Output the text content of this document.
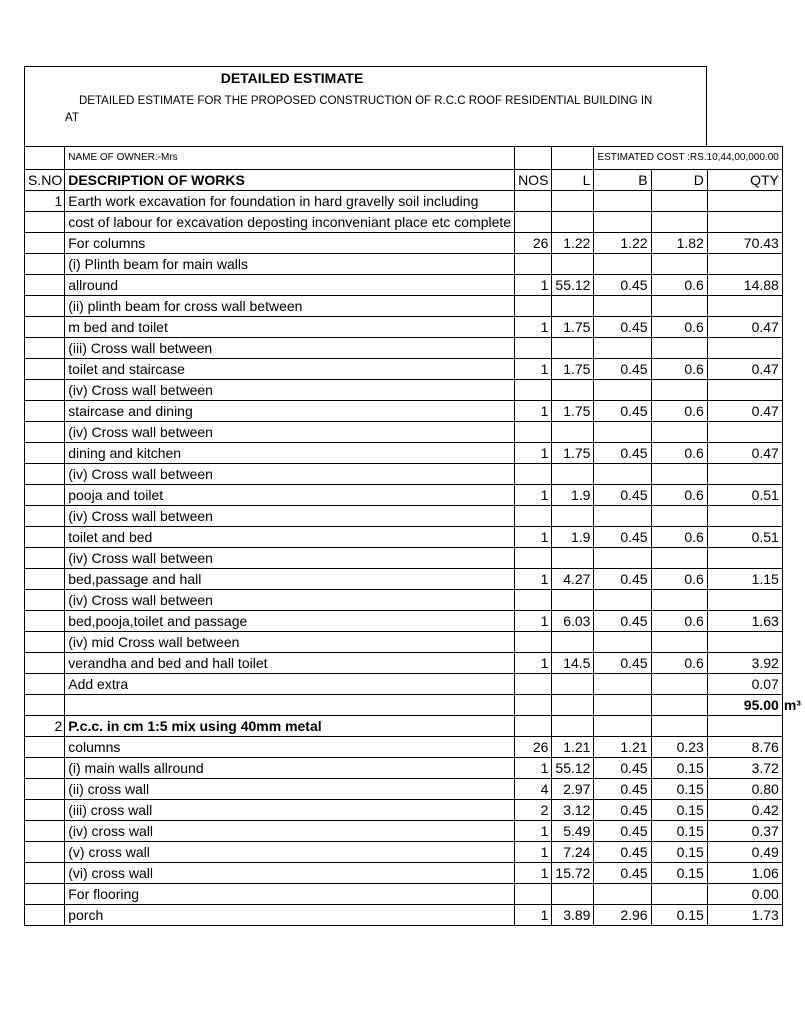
DETAILED ESTIMATE
DETAILED ESTIMATE FOR THE PROPOSED CONSTRUCTION OF R.C.C ROOF RESIDENTIAL BUILDING IN
AT
	NAME OF OWNER:-Mrs			ESTIMATED COST :RS.10,44,00,000.00			
S.NO	DESCRIPTION OF WORKS	NOS	L	B	D	QTY	
1	Earth work excavation for foundation in hard gravelly soil including						
	cost of labour for excavation deposting inconveniant place etc complete						
	For columns	26	1.22	1.22	1.82	70.43	
	(i) Plinth beam for main walls						
	allround	1	55.12	0.45	0.6	14.88	
	(ii) plinth beam for cross wall between						
	m bed and toilet	1	1.75	0.45	0.6	0.47	
	(iii) Cross wall between						
	toilet and staircase	1	1.75	0.45	0.6	0.47	
	(iv) Cross wall between						
	staircase and dining	1	1.75	0.45	0.6	0.47	
	(iv) Cross wall between						
	dining and kitchen	1	1.75	0.45	0.6	0.47	
	(iv) Cross wall between						
	pooja and toilet	1	1.9	0.45	0.6	0.51	
	(iv) Cross wall between						
	toilet and bed	1	1.9	0.45	0.6	0.51	
	(iv) Cross wall between						
	bed,passage and hall	1	4.27	0.45	0.6	1.15	
	(iv) Cross wall between						
	bed,pooja,toilet and passage	1	6.03	0.45	0.6	1.63	
	(iv) mid Cross wall between						
	verandha and bed and hall toilet	1	14.5	0.45	0.6	3.92	
	Add extra					0.07	
						95.00	m³
2	P.c.c. in cm 1:5 mix using 40mm metal						
	columns	26	1.21	1.21	0.23	8.76	
	(i) main walls allround	1	55.12	0.45	0.15	3.72	
	(ii) cross wall	4	2.97	0.45	0.15	0.80	
	(iii) cross wall	2	3.12	0.45	0.15	0.42	
	(iv) cross wall	1	5.49	0.45	0.15	0.37	
	(v) cross wall	1	7.24	0.45	0.15	0.49	
	(vi) cross wall	1	15.72	0.45	0.15	1.06	
	For flooring					0.00	
	porch	1	3.89	2.96	0.15	1.73	
